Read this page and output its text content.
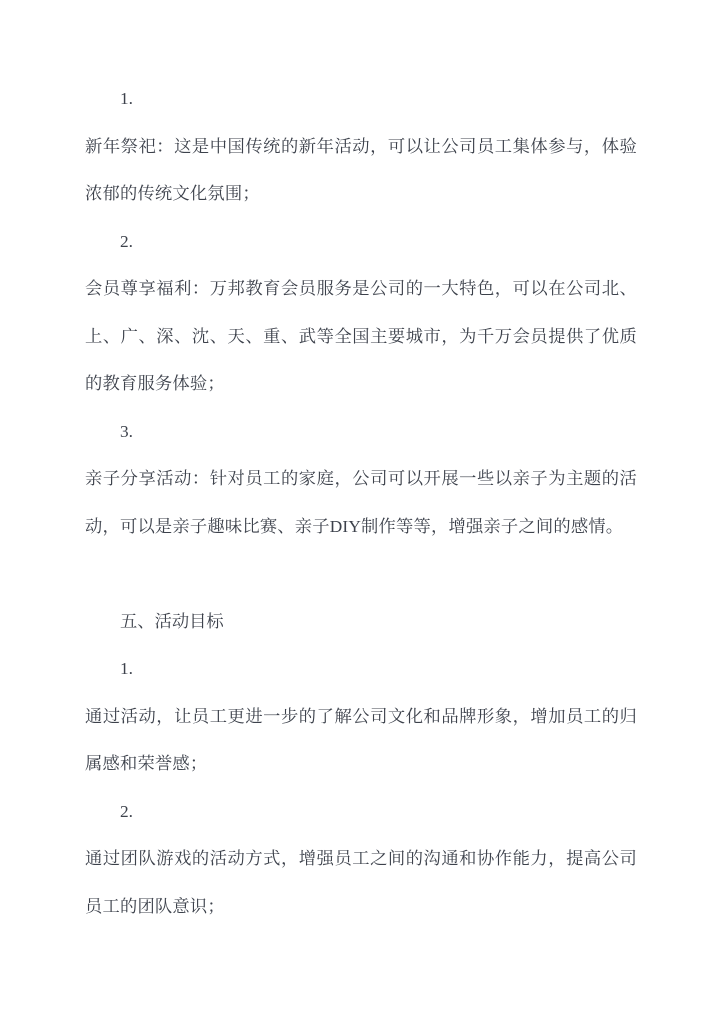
1.

新年祭祀：这是中国传统的新年活动，可以让公司员工集体参与，体验浓郁的传统文化氛围；

2.

会员尊享福利：万邦教育会员服务是公司的一大特色，可以在公司北、上、广、深、沈、天、重、武等全国主要城市，为千万会员提供了优质的教育服务体验；

3.

亲子分享活动：针对员工的家庭，公司可以开展一些以亲子为主题的活动，可以是亲子趣味比赛、亲子DIY制作等等，增强亲子之间的感情。

五、活动目标

1.

通过活动，让员工更进一步的了解公司文化和品牌形象，增加员工的归属感和荣誉感；

2.

通过团队游戏的活动方式，增强员工之间的沟通和协作能力，提高公司员工的团队意识；
